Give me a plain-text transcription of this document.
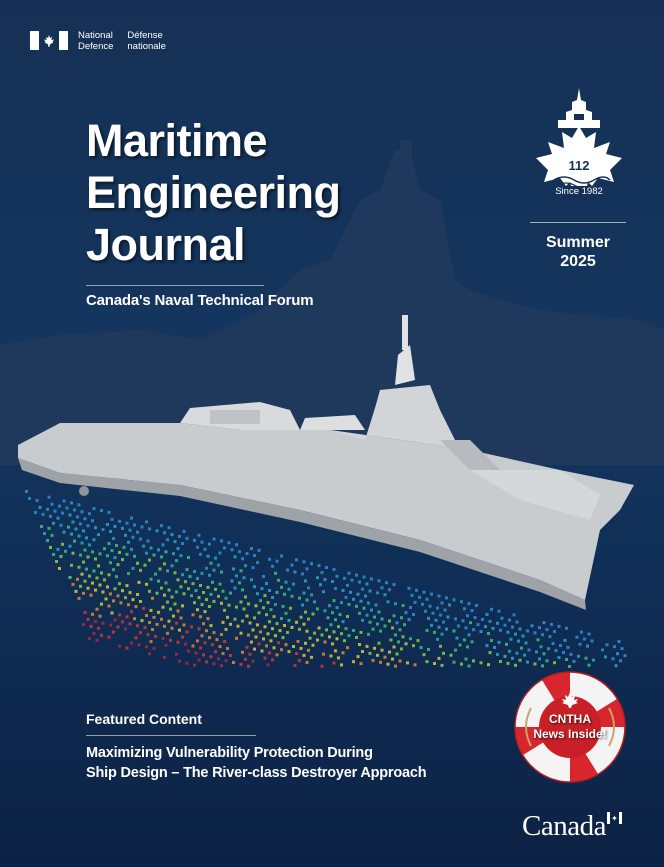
National
Defence
Défense
nationale
Maritime
Engineering
Journal
Canada's Naval Technical Forum
112
Since 1982
Summer
2025
Featured Content
Maximizing Vulnerability Protection During
Ship Design – The River-class Destroyer Approach
CNTHA
News Inside!
Canada ✦
